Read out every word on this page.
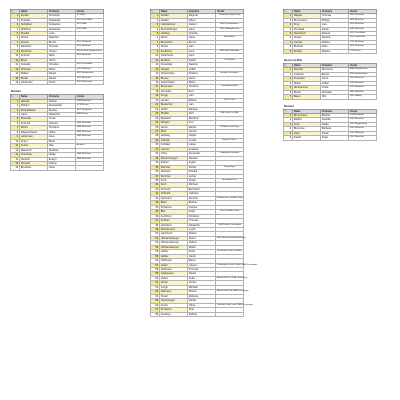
	Name	Vorname	Verein
1	Fresko	Christoph	SV Bonn
2	Scheller	Sebastian	SSV Düsseldorf
3	Sebalbert	Sebastian	SSV Halle
4	Wobbino	Sebastian	SSV Halle
5	Moeller	Ludo	
6	Hirsch	Raphael	
7	Kleiner	Bernd	SSV Chemnitz
8	Rasberer	Thomas	SSV München
9	Steinhuis	Jürgen	Berufs Boom Berghausen
10	Schmitt	Niels	SSV München
11	Bräul	Ulrich	
12	Gotsaby	Christian	SSV Düsseldorf
13	Pristman	Mario	SSV München
14	Walker	Daniel	SSC Bundeshain
15	Boulin	Daniel	SSV München
16	Hentschel	Frank	SSV Weissburg
Damen
	Name	Vorname	Verein
1	Haelisk	Sabine	GBF München
2	Möhlert	Alessandra	STW Essen
3	Despatbauer	Bettina	SSV Wuppertal
4	Laber	Natascha	BMB Essen
5	Weender	Sonja	
6	Schmidt	Gertrud	GBF München
7	Rühre	Christine	GBF München
8	Daganmhaner	Ulrike	GBF München
9	Lebermau	Jana	GBF München
10	Kinter	Britta	
11	Fuhrer	Alke	Aichach
12	Mauerich	Stefanie	
13	Voentimer	Nadja	GBF München
14	Sterkolt	Evelyn	GBF München
15	Paulnier	Sabine	
16	Breedner	Luise	
	Name	Vorname	Verein
1	Fiedler	Dagmar	Frankfurter Mixed Trio
2	Fiedler	Oliver	
3	Oelzwehmer	Hubert	Boef Powerwomen
4	Bechelsberger	Jana	SSV Rodingheusen
5	Holberg	Claudia	
6	Reich	Gesa	David Boss
7	Bonschuh	Bernd	
8	Dorfel	Lars	
9	Fredberm	Jens	GBF Wuff Saalfelder
10	Osterhentz	Jens	
11	Dietfner	Martin	Trio Erding
12	Krawinkal	Sascha	
13	Hoegel	Volker	
14	Drasdorfsky	Kristina	Berliner Schnapse
15	Bruner	Heinz	
16	Gehorhaber	Mario	
17	Bergmann	Stefanie	Deathlieberwood
18	Jaumeler	Kurt	
19	Krugg	Lars	
20	Herder	Marion	Fox & Deaf
21	Beckerhof	Lars	
22	Hubbi	Daniela	
23	Pfeiffer	Rolf	GBF Gelb, Fit GBF
24	Baebach	Manfred	
25	Weigert	Kurt	
26	Heuer	Daniel	Triathlon Cool Ding
27	Pfeil	Jasmin	
28	Hollweg	Holger	
29	Orthold	Gudas	Bavaria Power
30	Kohlfasl	Lukas	
31	Lautner	Andreas	
32	Orbis	Alexander	Oldenpfalz Stormies
33	Weisenburgen	Daniela	
34	Ziehler	Ingrid	
35	Wenzler	Stefan	Young Boys
36	Hellman	Monika	
37	Dechner	Lothar	
38	Kreh	Kirstin	die wilden Drei
39	Kreh	Michael	
40	Schmidt	Bernhard	
41	Schmidt	Gabriele	
42	Myhnanh	Dietmar	Schlehmuer Triathlon Team
43	Biehl	Bettina	
44	Pinkerton	Joanne	
45	Biel	Katja	Deaf Triathlon Team
46	Aschhorn	Christine	
47	Schüler	Thomas	
48	Hoitshorn	Natascha	SSBV Halle Triceratops
49	Woeckmann	Ingrid	
50	Hanitzsch	Robert	
51	Ullmannsberger	Marco	GBF München Hellmesberger
52	Ullmannsberger	Sabine	
53	Ullmannsberger	Martin	
54	Hahler	Petra	Ihr Braaten Drei Triathlon
55	Hahler	Jakob	
56	Hoffmann	Elena	
57	Huber	Johann	Chiemgauer Deaf Power GSA Triceratops
58	Hoffmann	Thomas	
59	Adalgauser	Daniel	
60	Huber	Anita	Mixed Old Trio GSA Triceratops
61	Huber	Stefan	
62	Jungk	Michael	
63	Dalmann	Marion	Mixed Gold Trio GSA Triceratops
64	Stuart	Roberta	
65	Hambusiger	Daniel	
66	Fuchs	Tilma	Triathlon Lady Team GSA Triceratops
67	Poulsetin	Sina	
68	Kessling	Sabine	
	Name	Vorname	Verein
1	Nägele	Thomas	GSV Schwerin
2	Brunnmann	Philipp	GBF München
3	Krug	Lars	SSV München
4	Pinnhard	Jonas	GBF München
5	Kleinhardt	Roland	SSV Düsseldorf
6	Straub	Sascha	SSV Darmstadt
7	Gentlar	Markus	LGC Nürnberg
8	Brettold	Albin	SSV München
9	Dreiber	Markus	DTB Essen
Herren (U45)
	Name	Vorname	Verein
1	Wenzler	Romanus	BMB Saarbrücken
2	Gotteuer	Bernd	SSG Saarbrücken
3	Kneuelstr	Gerrit	GSV München
4	Wieck	Volker	GSV München
5	Hierhammer	Frank	GSV Bullmann
6	Bräull	Christian	GBF München
7	Bayer	Dirk	GSV Idlberg
Damen
	Name	Vorname	Verein
1	Brunnmann	Bettina	DTM Frankfurt
2	Raidini	Claudia	GSV München
3	Krah	Nadja	GSV Regensburg
4	Blumeron	Barbara	GSV München
5	Grau	Sarah	GSV München
6	Kaleth	Katja	GSV München
